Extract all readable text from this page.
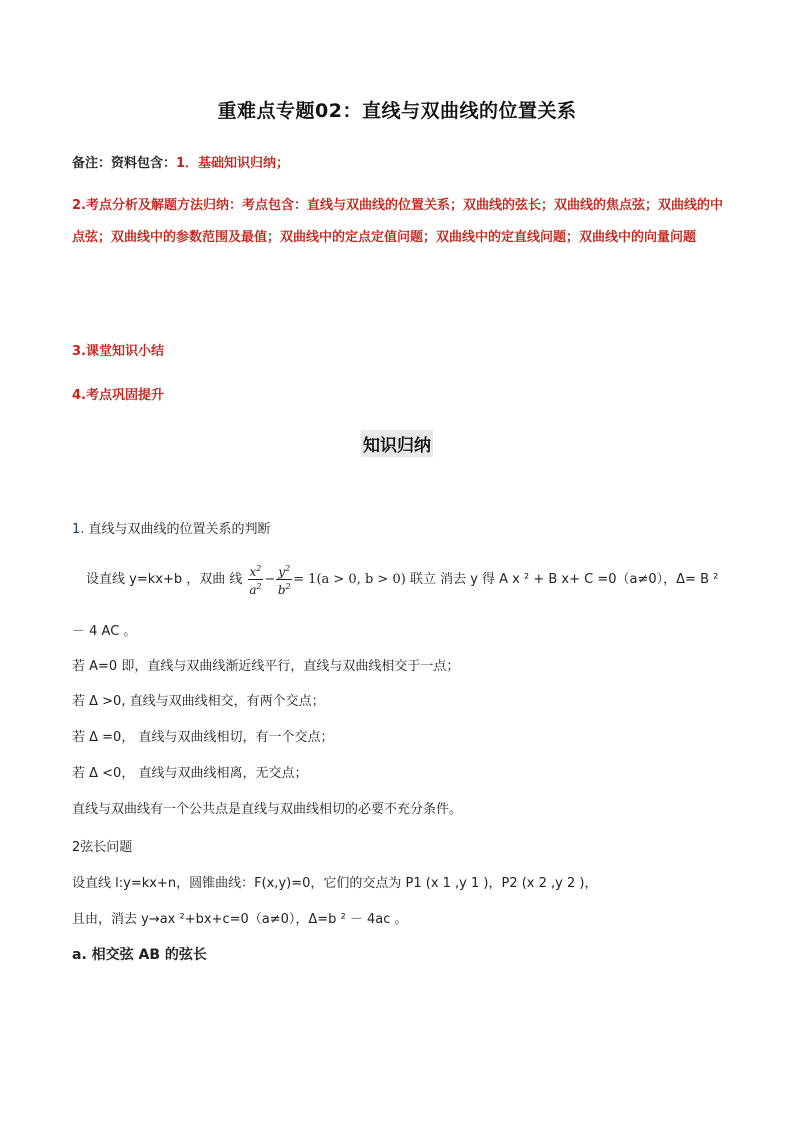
重难点专题02：直线与双曲线的位置关系
备注：资料包含：1．基础知识归纳；
2.考点分析及解题方法归纳：考点包含：直线与双曲线的位置关系；双曲线的弦长；双曲线的焦点弦；双曲线的中点弦；双曲线中的参数范围及最值；双曲线中的定点定值问题；双曲线中的定直线问题；双曲线中的向量问题
3.课堂知识小结
4.考点巩固提升
知识归纳
1. 直线与双曲线的位置关系的判断
设直线 y=kx+b ，双曲 线 $\frac{x^2}{a^2} - \frac{y^2}{b^2} = 1(a > 0$, b > 0) 联立 消去 y 得 A x ² + B x+ C =0（a≠0），Δ= B ²
－ 4 AC 。
若 A=0 即，直线与双曲线渐近线平行，直线与双曲线相交于一点；
若 Δ >0, 直线与双曲线相交，有两个交点；
若 Δ =0， 直线与双曲线相切，有一个交点；
若 Δ <0， 直线与双曲线相离，无交点；
直线与双曲线有一个公共点是直线与双曲线相切的必要不充分条件。
2弦长问题
设直线 l:y=kx+n，圆锥曲线：F(x,y)=0，它们的交点为 P1 (x 1 ,y 1 )，P2 (x 2 ,y 2 )，
且由，消去 y→ax ²+bx+c=0（a≠0），Δ=b ² － 4ac 。
a. 相交弦 AB 的弦长
